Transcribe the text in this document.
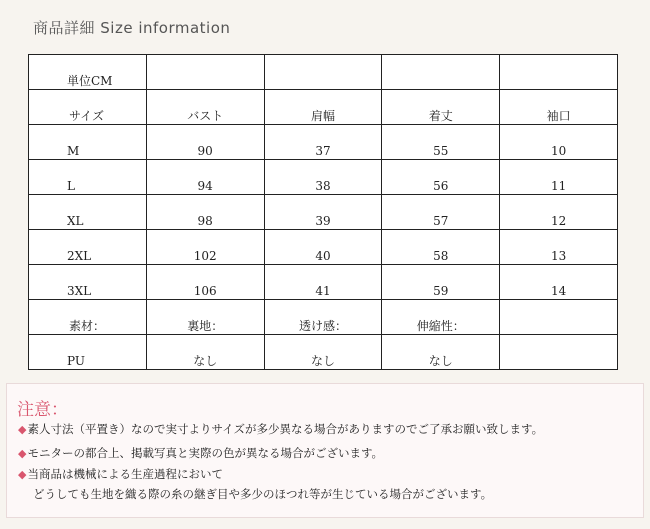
商品詳細 Size information
単位CM				

サイズ	バスト	肩幅	着丈	袖口

M	90	37	55	10

L	94	38	56	11

XL	98	39	57	12

2XL	102	40	58	13

3XL	106	41	59	14

素材：	裏地：	透け感：	伸縮性：	

PU	なし	なし	なし	

注意：
◆素人寸法（平置き）なので実寸よりサイズが多少異なる場合がありますのでご了承お願い致します。
◆モニターの都合上、掲載写真と実際の色が異なる場合がございます。
◆当商品は機械による生産過程において
どうしても生地を織る際の糸の継ぎ目や多少のほつれ等が生じている場合がございます。
